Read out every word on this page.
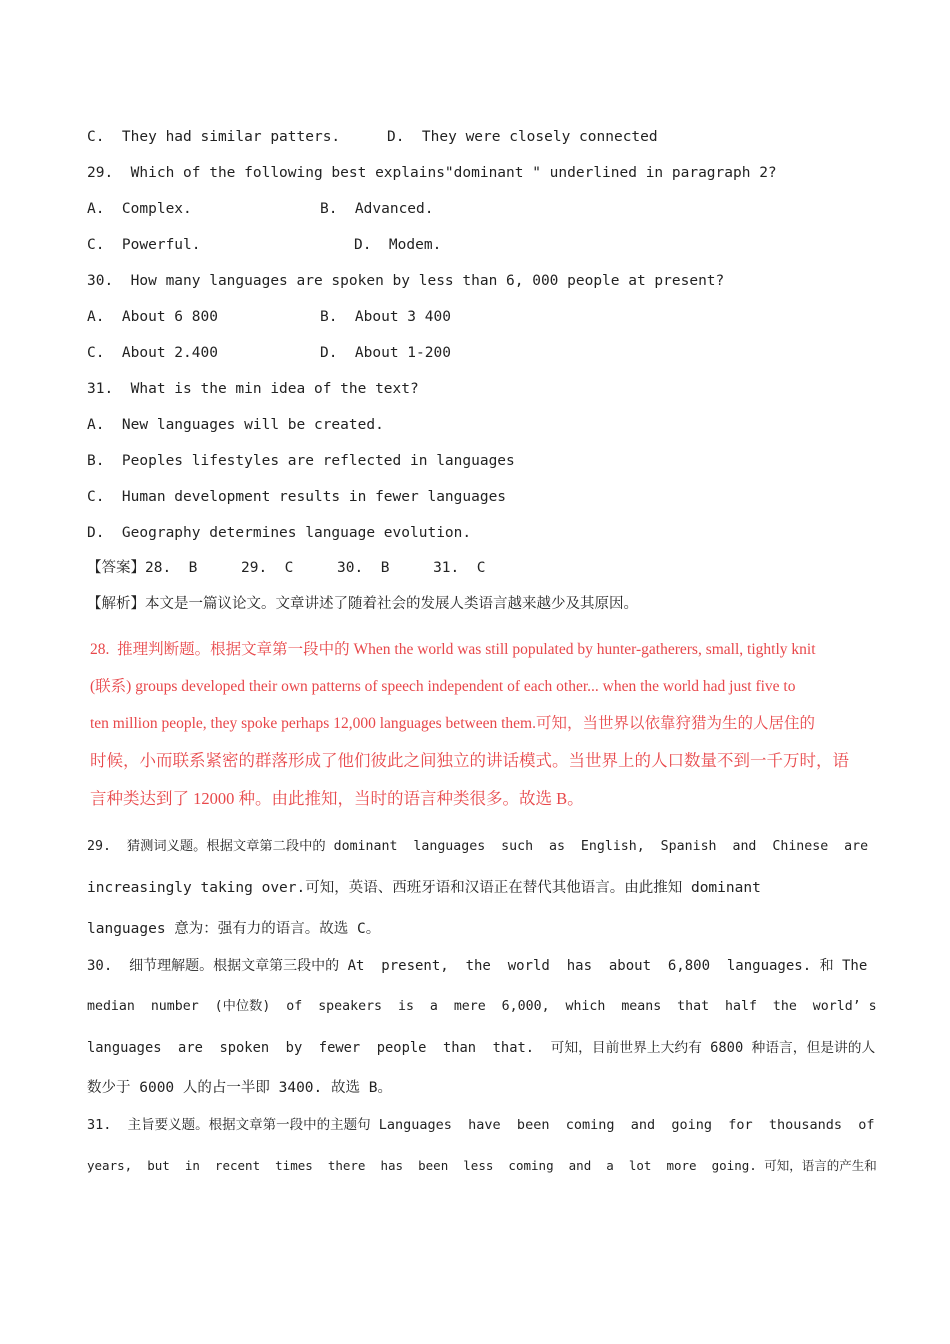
C.  They had similar patters.	D.  They were closely connected
29.  Which of the following best explains"dominant " underlined in paragraph 2?
A.  Complex.	B.  Advanced.
C.  Powerful.	D.  Modem.
30.  How many languages are spoken by less than 6, 000 people at present?
A.  About 6 800	B.  About 3 400
C.  About 2.400	D.  About 1-200
31.  What is the min idea of the text?
A.  New languages will be created.
B.  Peoples lifestyles are reflected in languages
C.  Human development results in fewer languages
D.  Geography determines language evolution.
【答案】28.  B     29.  C     30.  B     31.  C
【解析】本文是一篇议论文。文章讲述了随着社会的发展人类语言越来越少及其原因。
28.  推理判断题。根据文章第一段中的 When the world was still populated by hunter-gatherers, small, tightly knit
(联系) groups developed their own patterns of speech independent of each other... when the world had just five to
ten million people, they spoke perhaps 12,000 languages between them.可知，当世界以依靠狩猎为生的人居住的
时候，小而联系紧密的群落形成了他们彼此之间独立的讲话模式。当世界上的人口数量不到一千万时，语
言种类达到了 12000 种。由此推知，当时的语言种类很多。故选 B。
29.  猜测词义题。根据文章第二段中的 dominant  languages  such  as  English,  Spanish  and  Chinese  are
increasingly taking over.可知，英语、西班牙语和汉语正在替代其他语言。由此推知 dominant
languages 意为：强有力的语言。故选 C。
30.  细节理解题。根据文章第三段中的 At  present,  the  world  has  about  6,800  languages. 和 The
median  number  (中位数)  of  speakers  is  a  mere  6,000,  which  means  that  half  the  world’ s
languages  are  spoken  by  fewer  people  than  that.  可知，目前世界上大约有 6800 种语言，但是讲的人
数少于 6000 人的占一半即 3400. 故选 B。
31.  主旨要义题。根据文章第一段中的主题句 Languages  have  been  coming  and  going  for  thousands  of
years,  but  in  recent  times  there  has  been  less  coming  and  a  lot  more  going. 可知，语言的产生和
